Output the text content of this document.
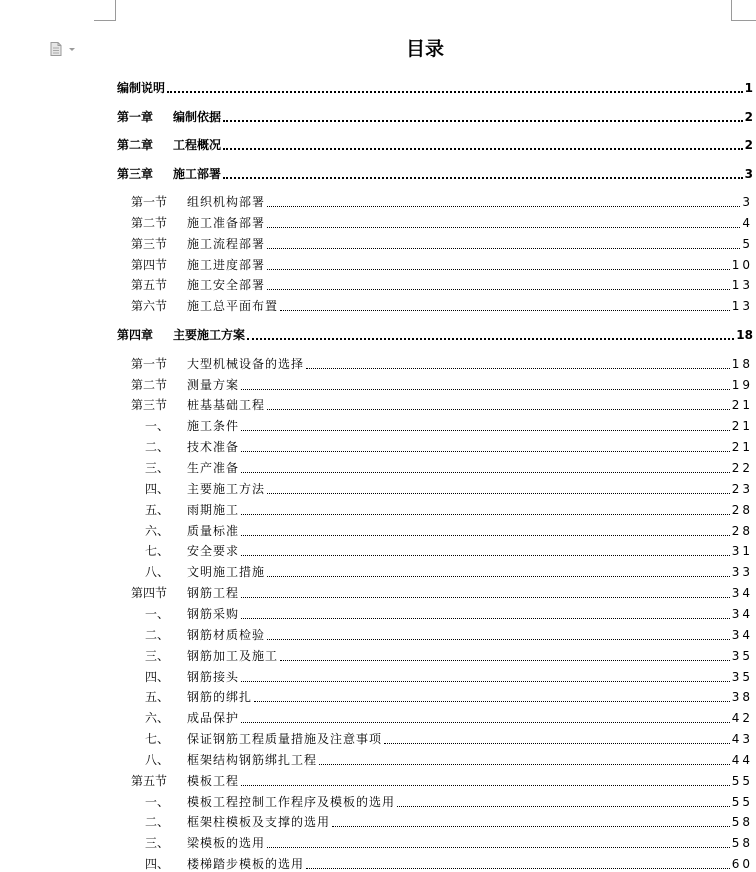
目录
编制说明	1
第一章	编制依据	2
第二章	工程概况	2
第三章	施工部署	3
第一节	组织机构部署	3
第二节	施工准备部署	4
第三节	施工流程部署	5
第四节	施工进度部署	10
第五节	施工安全部署	13
第六节	施工总平面布置	13
第四章	主要施工方案	18
第一节	大型机械设备的选择	18
第二节	测量方案	19
第三节	桩基基础工程	21
一、	施工条件	21
二、	技术准备	21
三、	生产准备	22
四、	主要施工方法	23
五、	雨期施工	28
六、	质量标准	28
七、	安全要求	31
八、	文明施工措施	33
第四节	钢筋工程	34
一、	钢筋采购	34
二、	钢筋材质检验	34
三、	钢筋加工及施工	35
四、	钢筋接头	35
五、	钢筋的绑扎	38
六、	成品保护	42
七、	保证钢筋工程质量措施及注意事项	43
八、	框架结构钢筋绑扎工程	44
第五节	模板工程	55
一、	模板工程控制工作程序及模板的选用	55
二、	框架柱模板及支撑的选用	58
三、	梁模板的选用	58
四、	楼梯踏步模板的选用	60
